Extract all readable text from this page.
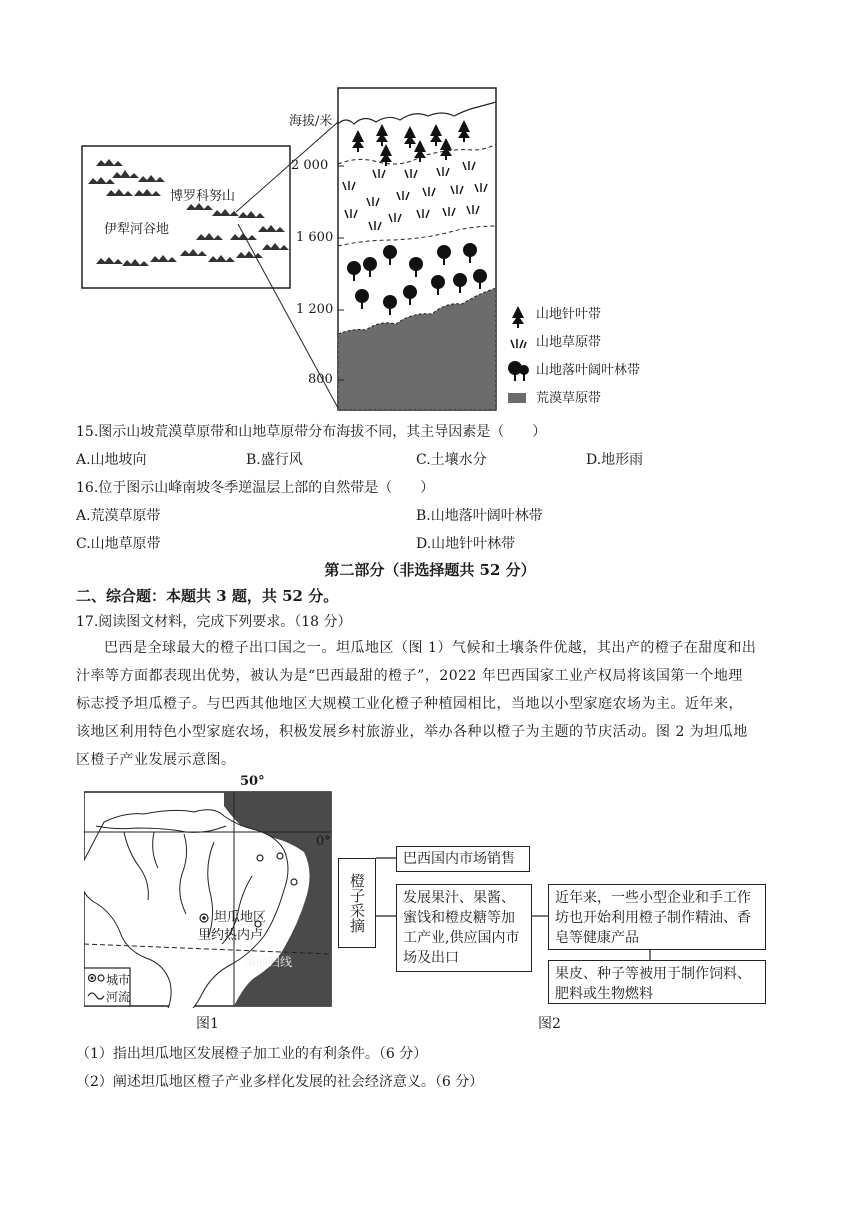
博罗科努山
伊犁河谷地
海拔/米
2 000
1 600
1 200
800
山地针叶带
山地草原带
山地落叶阔叶林带
荒漠草原带
15.图示山坡荒漠草原带和山地草原带分布海拔不同，其主导因素是（　　）
A.山地坡向	B.盛行风	C.土壤水分	D.地形雨
16.位于图示山峰南坡冬季逆温层上部的自然带是（　　）
A.荒漠草原带	B.山地落叶阔叶林带
C.山地草原带	D.山地针叶林带
第二部分（非选择题共 52 分）
二、综合题：本题共 3 题，共 52 分。
17.阅读图文材料，完成下列要求。（18 分）
巴西是全球最大的橙子出口国之一。坦瓜地区（图 1）气候和土壤条件优越，其出产的橙子在甜度和出
汁率等方面都表现出优势，被认为是“巴西最甜的橙子”，2022 年巴西国家工业产权局将该国第一个地理
标志授予坦瓜橙子。与巴西其他地区大规模工业化橙子种植园相比，当地以小型家庭农场为主。近年来，
该地区利用特色小型家庭农场，积极发展乡村旅游业，举办各种以橙子为主题的节庆活动。图 2 为坦瓜地
区橙子产业发展示意图。
50°
0°
坦瓜地区
里约热内卢
南回归线
城市
河流
图1
橙子采摘
巴西国内市场销售
发展果汁、果酱、蜜饯和橙皮糖等加工产业,供应国内市场及出口
近年来，一些小型企业和手工作坊也开始利用橙子制作精油、香皂等健康产品
果皮、种子等被用于制作饲料、肥料或生物燃料
图2
（1）指出坦瓜地区发展橙子加工业的有利条件。（6 分）
（2）阐述坦瓜地区橙子产业多样化发展的社会经济意义。（6 分）
